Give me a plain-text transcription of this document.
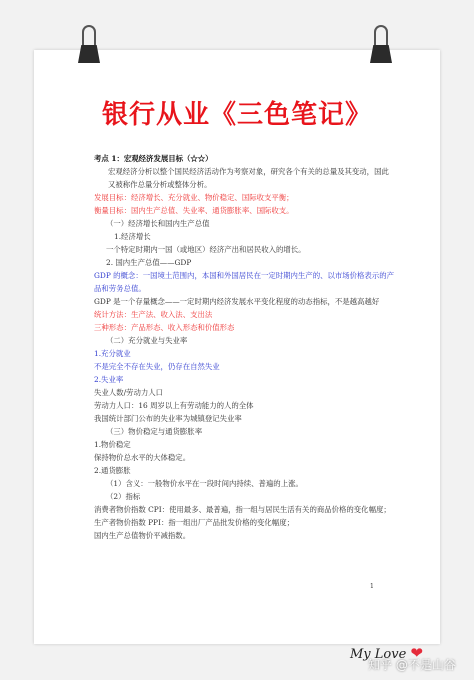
银行从业《三色笔记》
考点 1：宏观经济发展目标（☆☆）
宏观经济分析以整个国民经济活动作为考察对象，研究各个有关的总量及其变动，国此又被称作总量分析或整体分析。
发展目标：经济增长、充分就业、物价稳定、国际收支平衡；
衡量目标：国内生产总值、失业率、通货膨胀率、国际收支。
（一）经济增长和国内生产总值
1.经济增长
一个特定时期内一国（或地区）经济产出和居民收入的增长。
2. 国内生产总值——GDP
GDP 的概念：一国境土范围内，本国和外国居民在一定时期内生产的、以市场价格表示的产品和劳务总值。
GDP 是一个存量概念——一定时期内经济发展水平变化程度的动态指标，不是越高越好
统计方法：生产法、收入法、支出法
三种形态：产品形态、收入形态和价值形态
（二）充分就业与失业率
1.充分就业
不是完全不存在失业，仍存在自然失业
2.失业率
失业人数/劳动力人口
劳动力人口：16 周岁以上有劳动能力的人的全体
我国统计部门公布的失业率为城镇登记失业率
（三）物价稳定与通货膨胀率
1.物价稳定
保持物价总水平的大体稳定。
2.通货膨胀
（1）含义：一般物价水平在一段时间内持续、普遍的上涨。
（2）指标
消费者物价指数 CPI：使用最多、最普遍，指一组与居民生活有关的商品价格的变化幅度；
生产者物价指数 PPI：指一组出厂产品批发价格的变化幅度；
国内生产总值物价平减指数。
1
My Love ❤
知乎 @不是山谷
